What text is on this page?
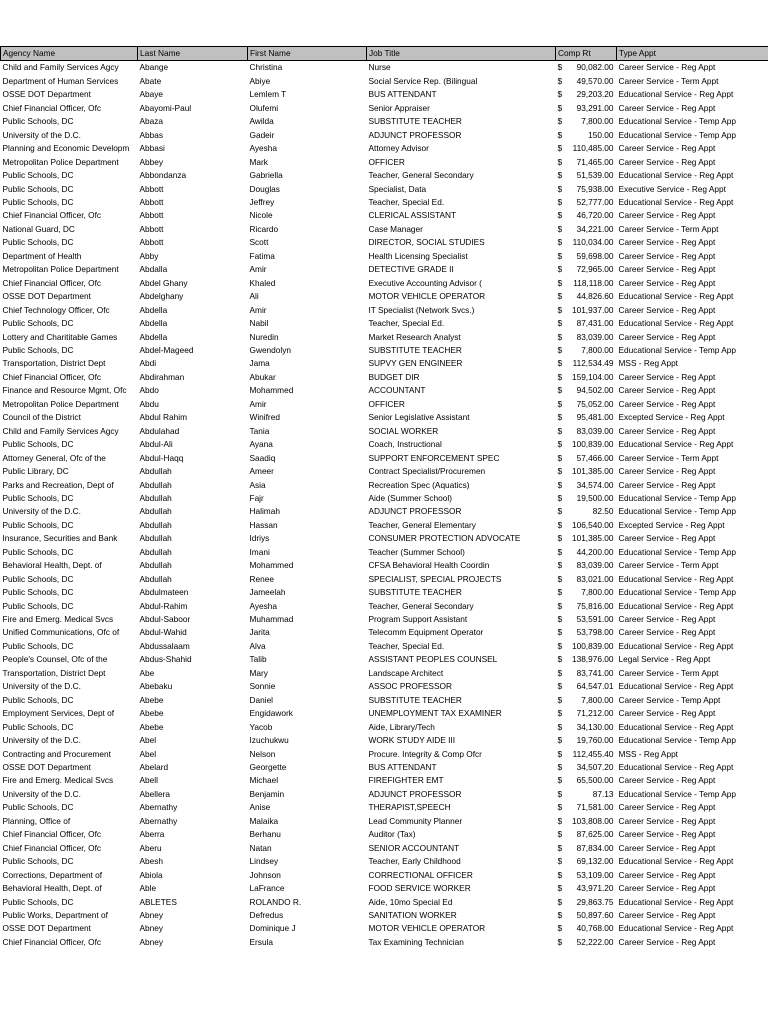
Agency Name	Last Name	First Name	Job Title	Comp Rt	Type Appt
Child and Family Services Agcy	Abange	Christina	Nurse	$ 90,082.00	Career Service - Reg Appt
Department of Human Services	Abate	Abiye	Social Service Rep. (Bilingual	$ 49,570.00	Career Service - Term Appt
OSSE DOT Department	Abaye	Lemlem T	BUS ATTENDANT	$ 29,203.20	Educational Service - Reg Appt
Chief Financial Officer, Ofc	Abayomi-Paul	Olufemi	Senior Appraiser	$ 93,291.00	Career Service - Reg Appt
Public Schools, DC	Abaza	Awilda	SUBSTITUTE TEACHER	$ 7,800.00	Educational Service - Temp App
University of the D.C.	Abbas	Gadeir	ADJUNCT PROFESSOR	$ 150.00	Educational Service - Temp App
Planning and Economic Developm	Abbasi	Ayesha	Attorney Advisor	$ 110,485.00	Career Service - Reg Appt
Metropolitan Police Department	Abbey	Mark	OFFICER	$ 71,465.00	Career Service - Reg Appt
Public Schools, DC	Abbondanza	Gabriella	Teacher, General Secondary	$ 51,539.00	Educational Service - Reg Appt
Public Schools, DC	Abbott	Douglas	Specialist, Data	$ 75,938.00	Executive Service - Reg Appt
Public Schools, DC	Abbott	Jeffrey	Teacher, Special Ed.	$ 52,777.00	Educational Service - Reg Appt
Chief Financial Officer, Ofc	Abbott	Nicole	CLERICAL ASSISTANT	$ 46,720.00	Career Service - Reg Appt
National Guard, DC	Abbott	Ricardo	Case Manager	$ 34,221.00	Career Service - Term Appt
Public Schools, DC	Abbott	Scott	DIRECTOR, SOCIAL STUDIES	$ 110,034.00	Career Service - Reg Appt
Department of Health	Abby	Fatima	Health Licensing Specialist	$ 59,698.00	Career Service - Reg Appt
Metropolitan Police Department	Abdalla	Amir	DETECTIVE GRADE II	$ 72,965.00	Career Service - Reg Appt
Chief Financial Officer, Ofc	Abdel Ghany	Khaled	Executive Accounting Advisor (	$ 118,118.00	Career Service - Reg Appt
OSSE DOT Department	Abdelghany	Ali	MOTOR VEHICLE OPERATOR	$ 44,826.60	Educational Service - Reg Appt
Chief Technology Officer, Ofc	Abdella	Amir	IT Specialist (Network Svcs.)	$ 101,937.00	Career Service - Reg Appt
Public Schools, DC	Abdella	Nabil	Teacher, Special Ed.	$ 87,431.00	Educational Service - Reg Appt
Lottery and Charititable Games	Abdella	Nuredin	Market Research Analyst	$ 83,039.00	Career Service - Reg Appt
Public Schools, DC	Abdel-Mageed	Gwendolyn	SUBSTITUTE TEACHER	$ 7,800.00	Educational Service - Temp App
Transportation, District Dept	Abdi	Jama	SUPVY GEN ENGINEER	$ 112,534.49	MSS - Reg Appt
Chief Financial Officer, Ofc	Abdirahman	Abukar	BUDGET DIR	$ 159,104.00	Career Service - Reg Appt
Finance and Resource Mgmt, Ofc	Abdo	Mohammed	ACCOUNTANT	$ 94,502.00	Career Service - Reg Appt
Metropolitan Police Department	Abdu	Amir	OFFICER	$ 75,052.00	Career Service - Reg Appt
Council of the District	Abdul Rahim	Winifred	Senior Legislative Assistant	$ 95,481.00	Excepted Service - Reg Appt
Child and Family Services Agcy	Abdulahad	Tania	SOCIAL WORKER	$ 83,039.00	Career Service - Reg Appt
Public Schools, DC	Abdul-Ali	Ayana	Coach, Instructional	$ 100,839.00	Educational Service - Reg Appt
Attorney General, Ofc of the	Abdul-Haqq	Saadiq	SUPPORT ENFORCEMENT SPEC	$ 57,466.00	Career Service - Term Appt
Public Library, DC	Abdullah	Ameer	Contract Specialist/Procuremen	$ 101,385.00	Career Service - Reg Appt
Parks and Recreation, Dept of	Abdullah	Asia	Recreation Spec (Aquatics)	$ 34,574.00	Career Service - Reg Appt
Public Schools, DC	Abdullah	Fajr	Aide (Summer School)	$ 19,500.00	Educational Service - Temp App
University of the D.C.	Abdullah	Halimah	ADJUNCT PROFESSOR	$ 82.50	Educational Service - Temp App
Public Schools, DC	Abdullah	Hassan	Teacher, General Elementary	$ 106,540.00	Excepted Service - Reg Appt
Insurance, Securities and Bank	Abdullah	Idriys	CONSUMER PROTECTION ADVOCATE	$ 101,385.00	Career Service - Reg Appt
Public Schools, DC	Abdullah	Imani	Teacher (Summer School)	$ 44,200.00	Educational Service - Temp App
Behavioral Health, Dept. of	Abdullah	Mohammed	CFSA Behavioral Health Coordin	$ 83,039.00	Career Service - Term Appt
Public Schools, DC	Abdullah	Renee	SPECIALIST, SPECIAL PROJECTS	$ 83,021.00	Educational Service - Reg Appt
Public Schools, DC	Abdulmateen	Jameelah	SUBSTITUTE TEACHER	$ 7,800.00	Educational Service - Temp App
Public Schools, DC	Abdul-Rahim	Ayesha	Teacher, General Secondary	$ 75,816.00	Educational Service - Reg Appt
Fire and Emerg. Medical Svcs	Abdul-Saboor	Muhammad	Program Support Assistant	$ 53,591.00	Career Service - Reg Appt
Unified Communications, Ofc of	Abdul-Wahid	Jarita	Telecomm Equipment Operator	$ 53,798.00	Career Service - Reg Appt
Public Schools, DC	Abdussalaam	Alva	Teacher, Special Ed.	$ 100,839.00	Educational Service - Reg Appt
People's Counsel, Ofc of the	Abdus-Shahid	Talib	ASSISTANT PEOPLES COUNSEL	$ 138,976.00	Legal Service - Reg Appt
Transportation, District Dept	Abe	Mary	Landscape Architect	$ 83,741.00	Career Service - Term Appt
University of the D.C.	Abebaku	Sonnie	ASSOC PROFESSOR	$ 64,547.01	Educational Service - Reg Appt
Public Schools, DC	Abebe	Daniel	SUBSTITUTE TEACHER	$ 7,800.00	Career Service - Temp Appt
Employment Services, Dept of	Abebe	Engidawork	UNEMPLOYMENT TAX EXAMINER	$ 71,212.00	Career Service - Reg Appt
Public Schools, DC	Abebe	Yacob	Aide, Library/Tech	$ 34,130.00	Educational Service - Reg Appt
University of the D.C.	Abel	Izuchukwu	WORK STUDY AIDE III	$ 19,760.00	Educational Service - Temp App
Contracting and Procurement	Abel	Nelson	Procure. Integrity & Comp Ofcr	$ 112,455.40	MSS - Reg Appt
OSSE DOT Department	Abelard	Georgette	BUS ATTENDANT	$ 34,507.20	Educational Service - Reg Appt
Fire and Emerg. Medical Svcs	Abell	Michael	FIREFIGHTER EMT	$ 65,500.00	Career Service - Reg Appt
University of the D.C.	Abellera	Benjamin	ADJUNCT PROFESSOR	$ 87.13	Educational Service - Temp App
Public Schools, DC	Abernathy	Anise	THERAPIST,SPEECH	$ 71,581.00	Career Service - Reg Appt
Planning, Office of	Abernathy	Malaika	Lead Community Planner	$ 103,808.00	Career Service - Reg Appt
Chief Financial Officer, Ofc	Aberra	Berhanu	Auditor (Tax)	$ 87,625.00	Career Service - Reg Appt
Chief Financial Officer, Ofc	Aberu	Natan	SENIOR ACCOUNTANT	$ 87,834.00	Career Service - Reg Appt
Public Schools, DC	Abesh	Lindsey	Teacher, Early Childhood	$ 69,132.00	Educational Service - Reg Appt
Corrections, Department of	Abiola	Johnson	CORRECTIONAL OFFICER	$ 53,109.00	Career Service - Reg Appt
Behavioral Health, Dept. of	Able	LaFrance	FOOD SERVICE WORKER	$ 43,971.20	Career Service - Reg Appt
Public Schools, DC	ABLETES	ROLANDO R.	Aide, 10mo Special Ed	$ 29,863.75	Educational Service - Reg Appt
Public Works, Department of	Abney	Defredus	SANITATION WORKER	$ 50,897.60	Career Service - Reg Appt
OSSE DOT Department	Abney	Dominique J	MOTOR VEHICLE OPERATOR	$ 40,768.00	Educational Service - Reg Appt
Chief Financial Officer, Ofc	Abney	Ersula	Tax Examining Technician	$ 52,222.00	Career Service - Reg Appt
